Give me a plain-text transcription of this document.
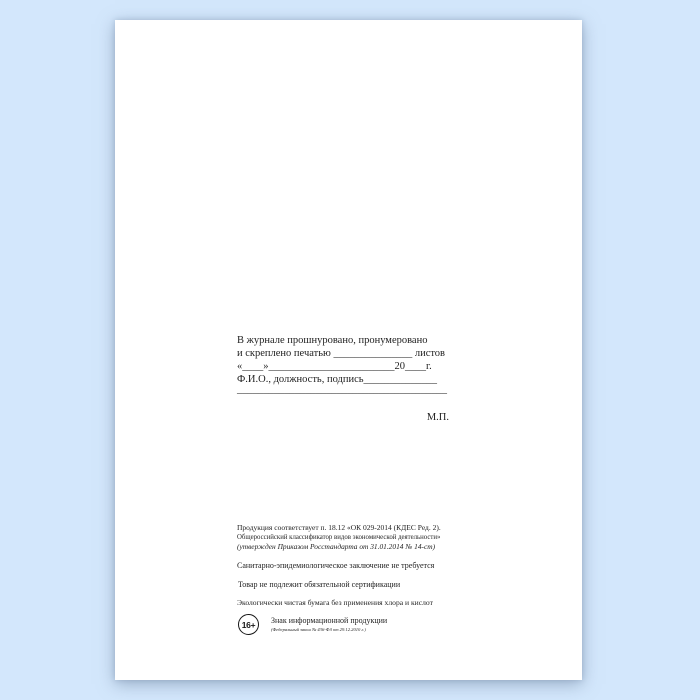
В журнале прошнуровано, пронумеровано
и скреплено печатью _______________ листов
«____»________________________20____г.
Ф.И.О., должность, подпись______________
________________________________________
М.П.
Продукция соответствует п. 18.12 «ОК 029-2014 (КДЕС Ред. 2).
Общероссийский классификатор видов экономической деятельности»
(утвержден Приказом Росстандарта от 31.01.2014 № 14-ст)
Санитарно-эпидемиологическое заключение не требуется
Товар не подлежит обязательной сертификации
Экологически чистая бумага без применения хлора и кислот
16+ Знак информационной продукции
(Федеральный закон № 436-ФЗ от 29.12.2010 г.)
